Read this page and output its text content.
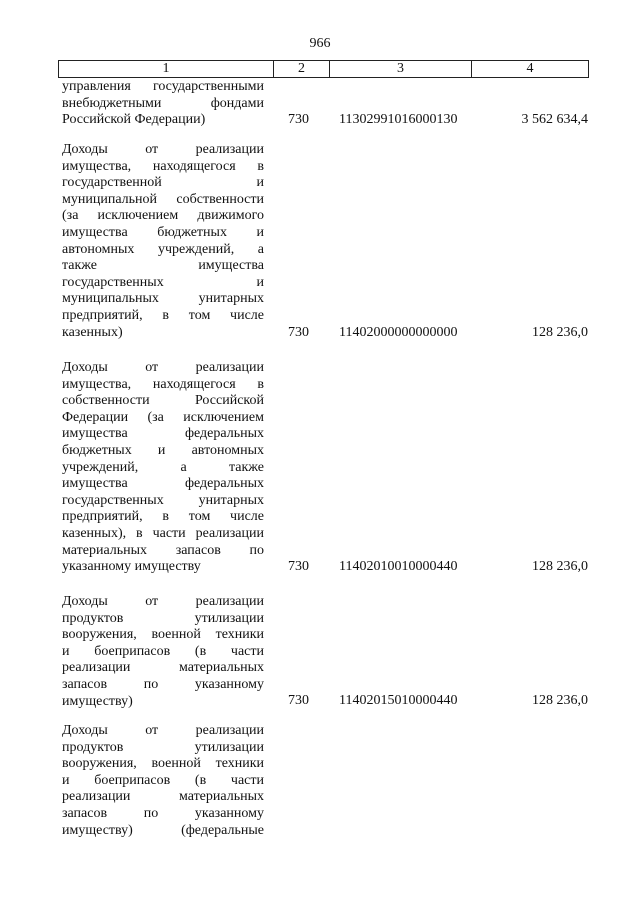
966
1	2	3	4
управления государственными
внебюджетными фондами
Российской Федерации)	730 11302991016000130	3 562 634,4
Доходы от реализации
имущества, находящегося в
государственной и
муниципальной собственности
(за исключением движимого
имущества бюджетных и
автономных учреждений, а
также имущества
государственных и
муниципальных унитарных
предприятий, в том числе
казенных)	730 11402000000000000	128 236,0
Доходы от реализации
имущества, находящегося в
собственности Российской
Федерации (за исключением
имущества федеральных
бюджетных и автономных
учреждений, а также
имущества федеральных
государственных унитарных
предприятий, в том числе
казенных), в части реализации
материальных запасов по
указанному имуществу	730 11402010010000440	128 236,0
Доходы от реализации
продуктов утилизации
вооружения, военной техники
и боеприпасов (в части
реализации материальных
запасов по указанному
имуществу)	730 11402015010000440	128 236,0
Доходы от реализации
продуктов утилизации
вооружения, военной техники
и боеприпасов (в части
реализации материальных
запасов по указанному
имуществу) (федеральные
